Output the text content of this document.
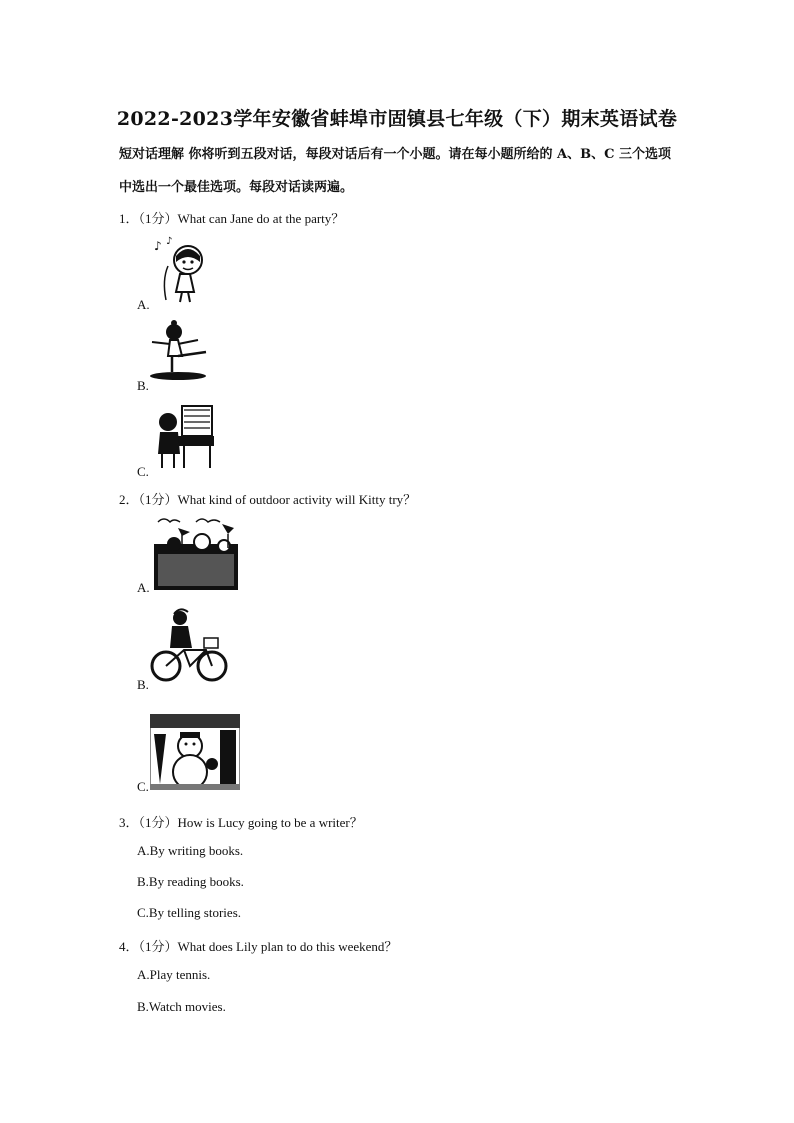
2022-2023学年安徽省蚌埠市固镇县七年级（下）期末英语试卷
短对话理解 你将听到五段对话，每段对话后有一个小题。请在每小题所给的 A、B、C 三个选项中选出一个最佳选项。每段对话读两遍。
1．（1分）What can Jane do at the party？
♪ ♪
A.
B.
C.
2．（1分）What kind of outdoor activity will Kitty try？
A.
B.
C.
3．（1分）How is Lucy going to be a writer？
A.By writing books.
B.By reading books.
C.By telling stories.
4．（1分）What does Lily plan to do this weekend？
A.Play tennis.
B.Watch movies.
